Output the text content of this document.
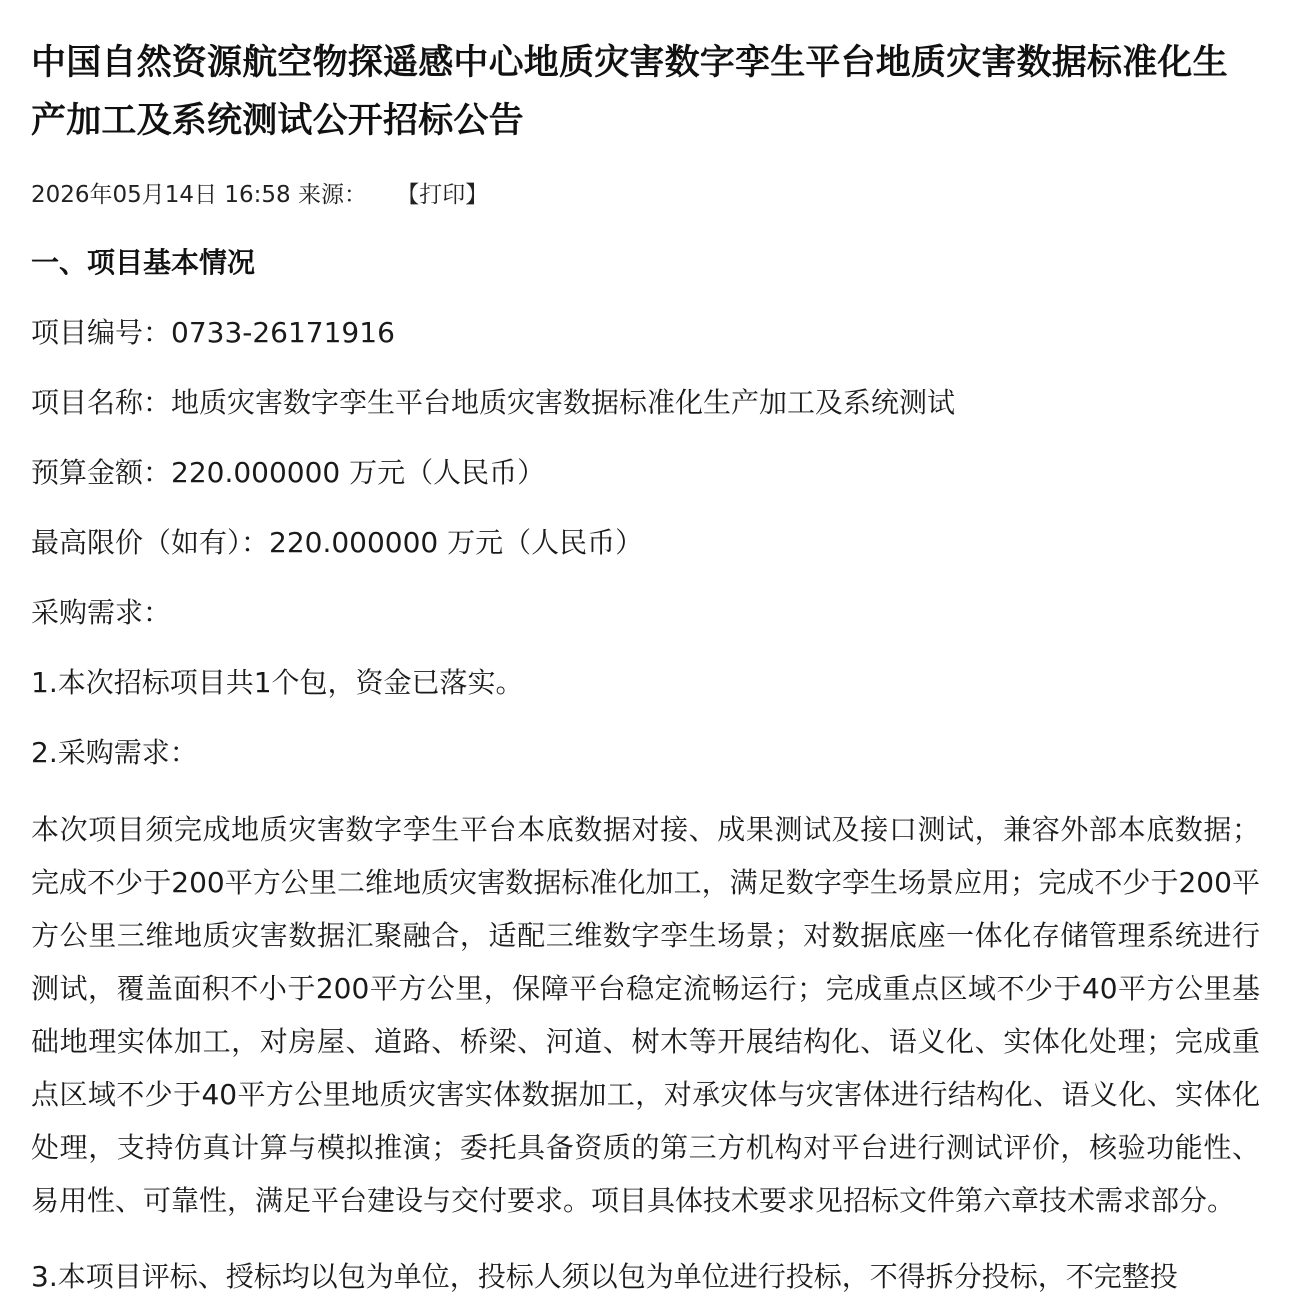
中国自然资源航空物探遥感中心地质灾害数字孪生平台地质灾害数据标准化生产加工及系统测试公开招标公告
2026年05月14日 16:58 来源： 【打印】
一、项目基本情况
项目编号：0733-26171916
项目名称：地质灾害数字孪生平台地质灾害数据标准化生产加工及系统测试
预算金额：220.000000 万元（人民币）
最高限价（如有）：220.000000 万元（人民币）
采购需求：
1.本次招标项目共1个包，资金已落实。
2.采购需求：
本次项目须完成地质灾害数字孪生平台本底数据对接、成果测试及接口测试，兼容外部本底数据；完成不少于200平方公里二维地质灾害数据标准化加工，满足数字孪生场景应用；完成不少于200平方公里三维地质灾害数据汇聚融合，适配三维数字孪生场景；对数据底座一体化存储管理系统进行测试，覆盖面积不小于200平方公里，保障平台稳定流畅运行；完成重点区域不少于40平方公里基础地理实体加工，对房屋、道路、桥梁、河道、树木等开展结构化、语义化、实体化处理；完成重点区域不少于40平方公里地质灾害实体数据加工，对承灾体与灾害体进行结构化、语义化、实体化处理，支持仿真计算与模拟推演；委托具备资质的第三方机构对平台进行测试评价，核验功能性、易用性、可靠性，满足平台建设与交付要求。项目具体技术要求见招标文件第六章技术需求部分。
3.本项目评标、授标均以包为单位，投标人须以包为单位进行投标，不得拆分投标，不完整投
